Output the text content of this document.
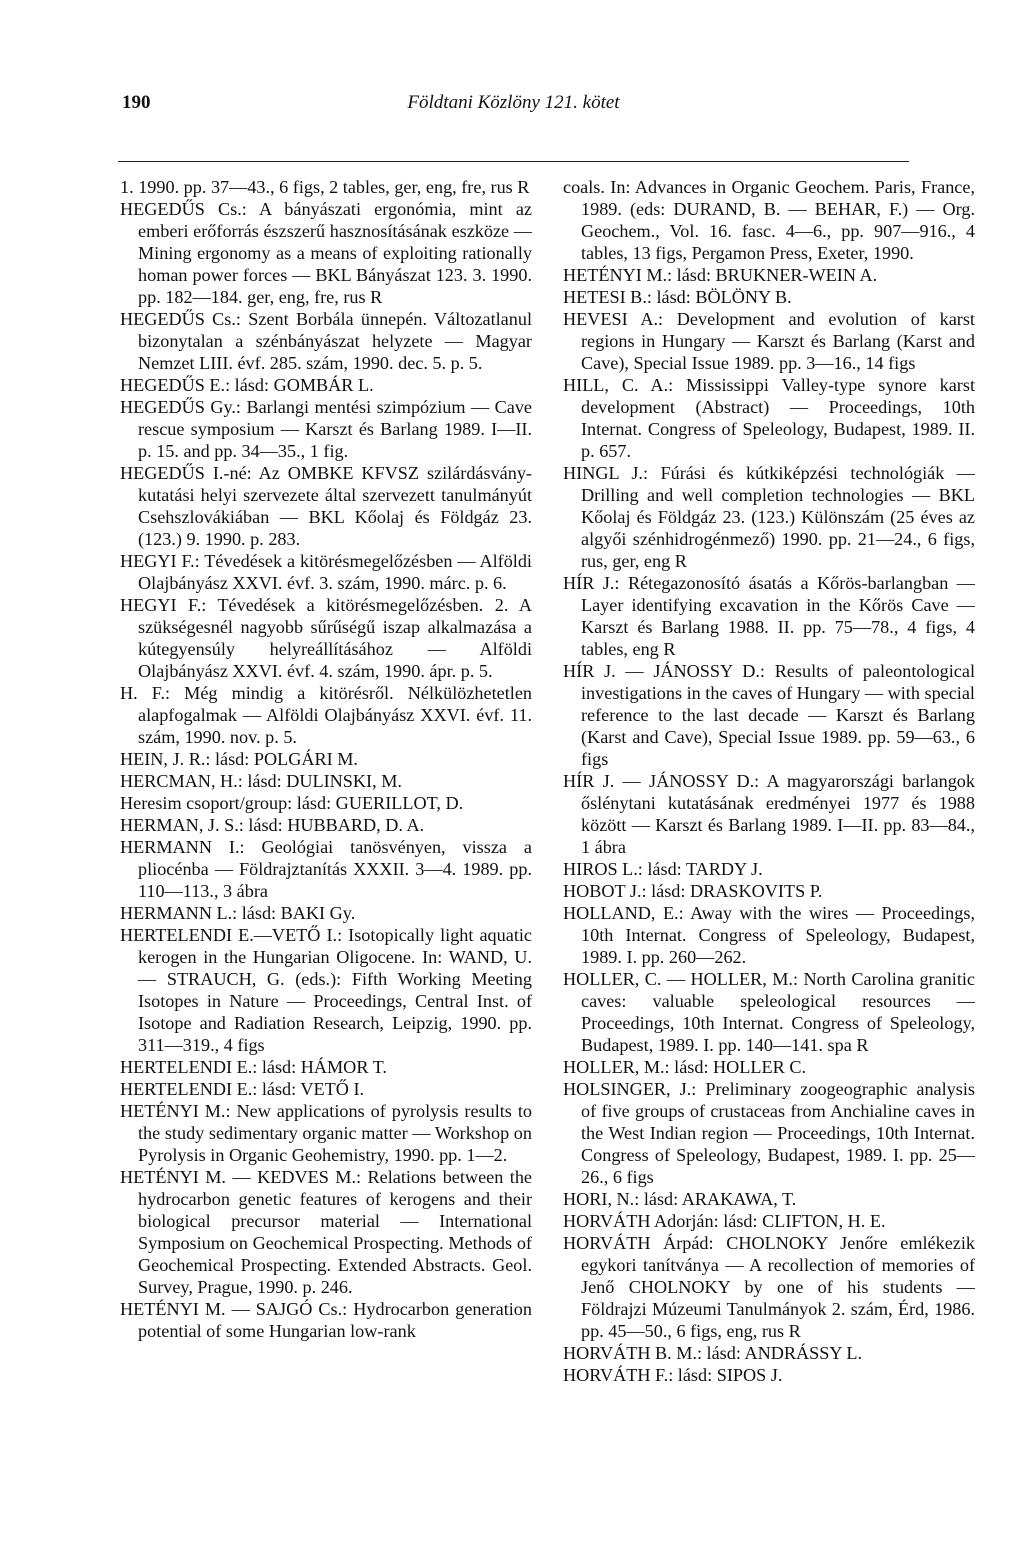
190	Földtani Közlöny 121. kötet

1. 1990. pp. 37—43., 6 figs, 2 tables, ger, eng, fre, rus R

HEGEDŰS Cs.: A bányászati ergonómia, mint az emberi erőforrás észszerű hasznosításának eszköze — Mining ergonomy as a means of exploiting rationally homan power forces — BKL Bányászat 123. 3. 1990. pp. 182—184. ger, eng, fre, rus R

HEGEDŰS Cs.: Szent Borbála ünnepén. Változatlanul bizonytalan a szénbányászat helyzete — Magyar Nemzet LIII. évf. 285. szám, 1990. dec. 5. p. 5.

HEGEDŰS E.: lásd: GOMBÁR L.

HEGEDŰS Gy.: Barlangi mentési szimpózium — Cave rescue symposium — Karszt és Barlang 1989. I—II. p. 15. and pp. 34—35., 1 fig.

HEGEDŰS I.-né: Az OMBKE KFVSZ szilárdásvány-kutatási helyi szervezete által szervezett tanulmányút Csehszlovákiában — BKL Kőolaj és Földgáz 23. (123.) 9. 1990. p. 283.

HEGYI F.: Tévedések a kitörésmegelőzésben — Alföldi Olajbányász XXVI. évf. 3. szám, 1990. márc. p. 6.

HEGYI F.: Tévedések a kitörésmegelőzésben. 2. A szükségesnél nagyobb sűrűségű iszap alkalmazása a kútegyensúly helyreállításához — Alföldi Olajbányász XXVI. évf. 4. szám, 1990. ápr. p. 5.

H. F.: Még mindig a kitörésről. Nélkülözhetetlen alapfogalmak — Alföldi Olajbányász XXVI. évf. 11. szám, 1990. nov. p. 5.

HEIN, J. R.: lásd: POLGÁRI M.

HERCMAN, H.: lásd: DULINSKI, M.

Heresim csoport/group: lásd: GUERILLOT, D.

HERMAN, J. S.: lásd: HUBBARD, D. A.

HERMANN I.: Geológiai tanösvényen, vissza a pliocénba — Földrajztanítás XXXII. 3—4. 1989. pp. 110—113., 3 ábra

HERMANN L.: lásd: BAKI Gy.

HERTELENDI E.—VETŐ I.: Isotopically light aquatic kerogen in the Hungarian Oligocene. In: WAND, U. — STRAUCH, G. (eds.): Fifth Working Meeting Isotopes in Nature — Proceedings, Central Inst. of Isotope and Radiation Research, Leipzig, 1990. pp. 311—319., 4 figs

HERTELENDI E.: lásd: HÁMOR T.

HERTELENDI E.: lásd: VETŐ I.

HETÉNYI M.: New applications of pyrolysis results to the study sedimentary organic matter — Workshop on Pyrolysis in Organic Geohemistry, 1990. pp. 1—2.

HETÉNYI M. — KEDVES M.: Relations between the hydrocarbon genetic features of kerogens and their biological precursor material — International Symposium on Geochemical Prospecting. Methods of Geochemical Prospecting. Extended Abstracts. Geol. Survey, Prague, 1990. p. 246.

HETÉNYI M. — SAJGÓ Cs.: Hydrocarbon generation potential of some Hungarian low-rank

coals. In: Advances in Organic Geochem. Paris, France, 1989. (eds: DURAND, B. — BEHAR, F.) — Org. Geochem., Vol. 16. fasc. 4—6., pp. 907—916., 4 tables, 13 figs, Pergamon Press, Exeter, 1990.

HETÉNYI M.: lásd: BRUKNER-WEIN A.

HETESI B.: lásd: BÖLÖNY B.

HEVESI A.: Development and evolution of karst regions in Hungary — Karszt és Barlang (Karst and Cave), Special Issue 1989. pp. 3—16., 14 figs

HILL, C. A.: Mississippi Valley-type synore karst development (Abstract) — Proceedings, 10th Internat. Congress of Speleology, Budapest, 1989. II. p. 657.

HINGL J.: Fúrási és kútkiképzési technológiák — Drilling and well completion technologies — BKL Kőolaj és Földgáz 23. (123.) Különszám (25 éves az algyői szénhidrogénmező) 1990. pp. 21—24., 6 figs, rus, ger, eng R

HÍR J.: Rétegazonosító ásatás a Kőrös-barlangban — Layer identifying excavation in the Kőrös Cave — Karszt és Barlang 1988. II. pp. 75—78., 4 figs, 4 tables, eng R

HÍR J. — JÁNOSSY D.: Results of paleontological investigations in the caves of Hungary — with special reference to the last decade — Karszt és Barlang (Karst and Cave), Special Issue 1989. pp. 59—63., 6 figs

HÍR J. — JÁNOSSY D.: A magyarországi barlangok őslénytani kutatásának eredményei 1977 és 1988 között — Karszt és Barlang 1989. I—II. pp. 83—84., 1 ábra

HIROS L.: lásd: TARDY J.

HOBOT J.: lásd: DRASKOVITS P.

HOLLAND, E.: Away with the wires — Proceedings, 10th Internat. Congress of Speleology, Budapest, 1989. I. pp. 260—262.

HOLLER, C. — HOLLER, M.: North Carolina granitic caves: valuable speleological resources — Proceedings, 10th Internat. Congress of Speleology, Budapest, 1989. I. pp. 140—141. spa R

HOLLER, M.: lásd: HOLLER C.

HOLSINGER, J.: Preliminary zoogeographic analysis of five groups of crustaceas from Anchialine caves in the West Indian region — Proceedings, 10th Internat. Congress of Speleology, Budapest, 1989. I. pp. 25—26., 6 figs

HORI, N.: lásd: ARAKAWA, T.

HORVÁTH Adorján: lásd: CLIFTON, H. E.

HORVÁTH Árpád: CHOLNOKY Jenőre emlékezik egykori tanítványa — A recollection of memories of Jenő CHOLNOKY by one of his students — Földrajzi Múzeumi Tanulmányok 2. szám, Érd, 1986. pp. 45—50., 6 figs, eng, rus R

HORVÁTH B. M.: lásd: ANDRÁSSY L.

HORVÁTH F.: lásd: SIPOS J.
